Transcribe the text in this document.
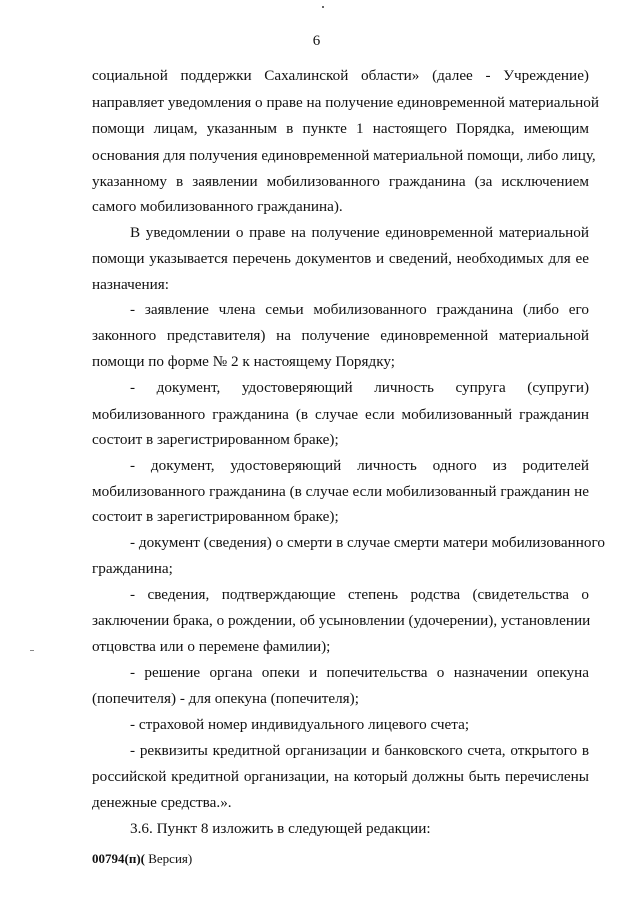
6
социальной поддержки Сахалинской области» (далее - Учреждение)
направляет уведомления о праве на получение единовременной материальной
помощи лицам, указанным в пункте 1 настоящего Порядка, имеющим
основания для получения единовременной материальной помощи, либо лицу,
указанному в заявлении мобилизованного гражданина (за исключением
самого мобилизованного гражданина).
В уведомлении о праве на получение единовременной материальной
помощи указывается перечень документов и сведений, необходимых для ее
назначения:
- заявление члена семьи мобилизованного гражданина (либо его
законного представителя) на получение единовременной материальной
помощи по форме № 2 к настоящему Порядку;
- документ, удостоверяющий личность супруга (супруги)
мобилизованного гражданина (в случае если мобилизованный гражданин
состоит в зарегистрированном браке);
- документ, удостоверяющий личность одного из родителей
мобилизованного гражданина (в случае если мобилизованный гражданин не
состоит в зарегистрированном браке);
- документ (сведения) о смерти в случае смерти матери мобилизованного
гражданина;
- сведения, подтверждающие степень родства (свидетельства о
заключении брака, о рождении, об усыновлении (удочерении), установлении
отцовства или о перемене фамилии);
- решение органа опеки и попечительства о назначении опекуна
(попечителя) - для опекуна (попечителя);
- страховой номер индивидуального лицевого счета;
- реквизиты кредитной организации и банковского счета, открытого в
российской кредитной организации, на который должны быть перечислены
денежные средства.».
3.6. Пункт 8 изложить в следующей редакции:
00794(п)( Версия)
